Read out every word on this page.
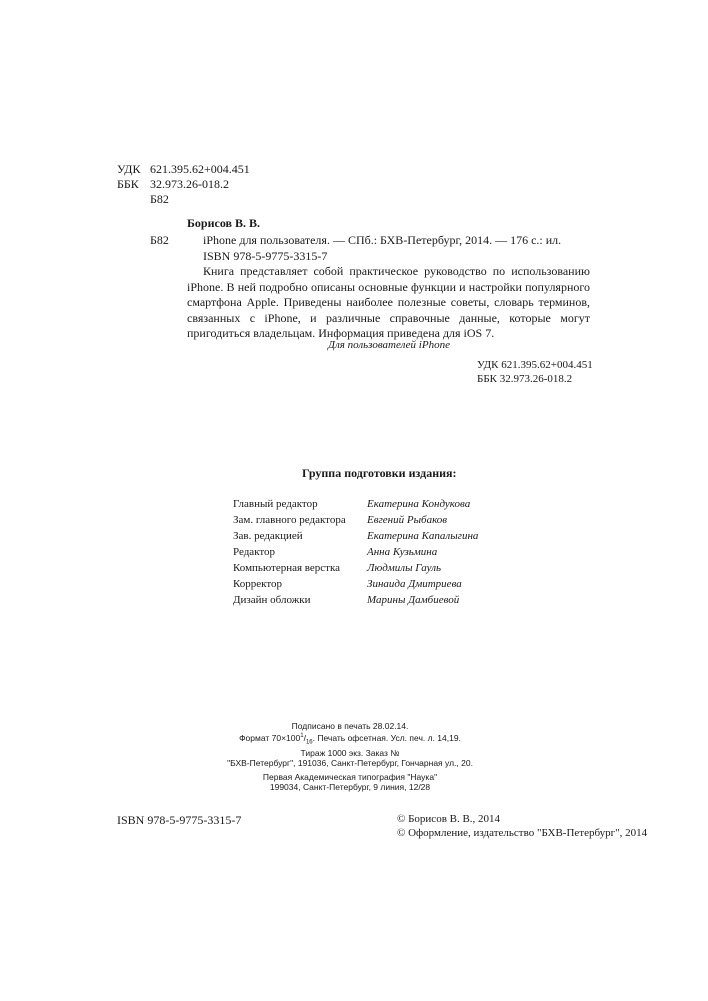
УДК 621.395.62+004.451
ББК 32.973.26-018.2
Б82
Борисов В. В.
Б82	iPhone для пользователя. — СПб.: БХВ-Петербург, 2014. — 176 с.: ил.
ISBN 978-5-9775-3315-7

Книга представляет собой практическое руководство по использованию iPhone. В ней подробно описаны основные функции и настройки популярного смартфона Apple. Приведены наиболее полезные советы, словарь терминов, связанных с iPhone, и различные справочные данные, которые могут пригодиться владельцам. Информация приведена для iOS 7.

Для пользователей iPhone
УДК 621.395.62+004.451
ББК 32.973.26-018.2
Группа подготовки издания:
Главный редактор	Екатерина Кондукова
Зам. главного редактора	Евгений Рыбаков
Зав. редакцией	Екатерина Капалыгина
Редактор	Анна Кузьмина
Компьютерная верстка	Людмилы Гауль
Корректор	Зинаида Дмитриева
Дизайн обложки	Марины Дамбиевой
Подписано в печать 28.02.14.
Формат $70\times 100^1/_{16}$. Печать офсетная. Усл. печ. л. 14,19.
Тираж 1000 экз. Заказ №
"БХВ-Петербург", 191036, Санкт-Петербург, Гончарная ул., 20.
Первая Академическая типография "Наука"
199034, Санкт-Петербург, 9 линия, 12/28
ISBN 978-5-9775-3315-7	© Борисов В. В., 2014
© Оформление, издательство "БХВ-Петербург", 2014
